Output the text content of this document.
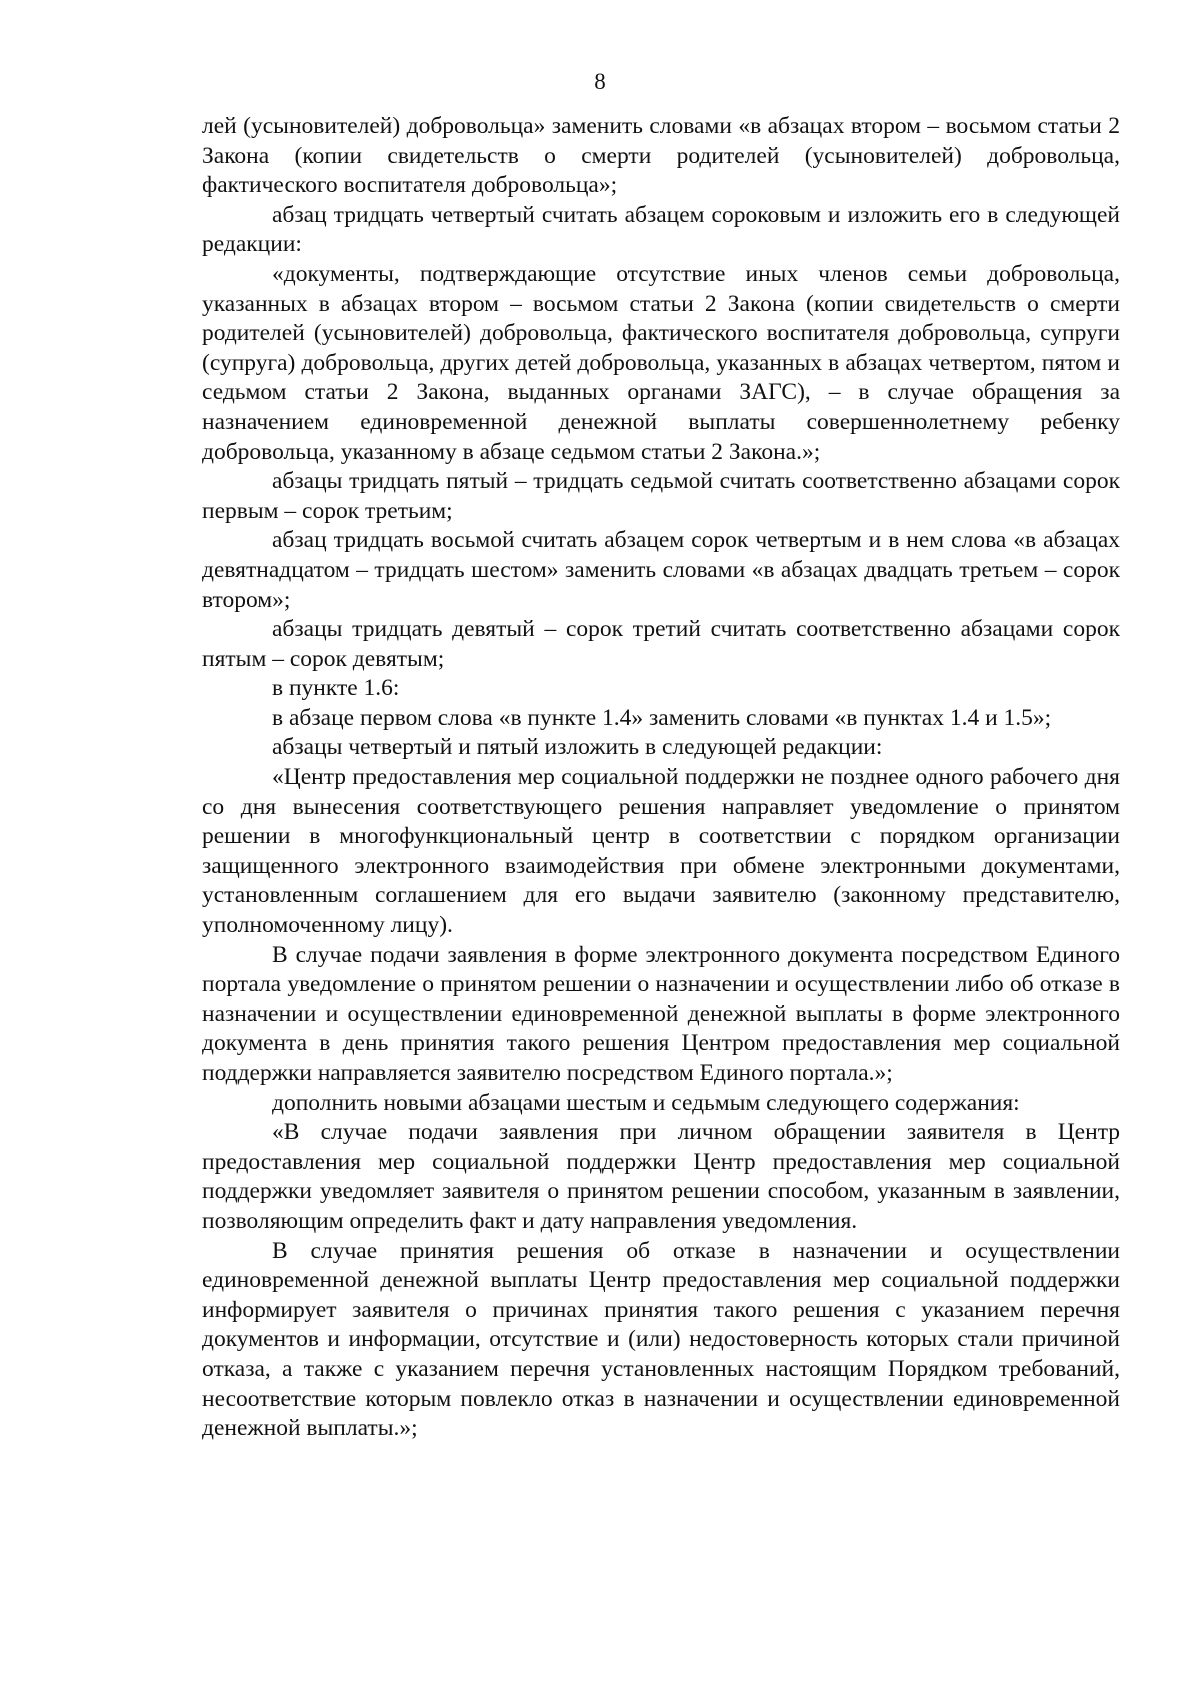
8

лей (усыновителей) добровольца» заменить словами «в абзацах втором – восьмом статьи 2 Закона (копии свидетельств о смерти родителей (усыновителей) добровольца, фактического воспитателя добровольца»;

абзац тридцать четвертый считать абзацем сороковым и изложить его в следующей редакции:

«документы, подтверждающие отсутствие иных членов семьи добровольца, указанных в абзацах втором – восьмом статьи 2 Закона (копии свидетельств о смерти родителей (усыновителей) добровольца, фактического воспитателя добровольца, супруги (супруга) добровольца, других детей добровольца, указанных в абзацах четвертом, пятом и седьмом статьи 2 Закона, выданных органами ЗАГС), – в случае обращения за назначением единовременной денежной выплаты совершеннолетнему ребенку добровольца, указанному в абзаце седьмом статьи 2 Закона.»;

абзацы тридцать пятый – тридцать седьмой считать соответственно абзацами сорок первым – сорок третьим;

абзац тридцать восьмой считать абзацем сорок четвертым и в нем слова «в абзацах девятнадцатом – тридцать шестом» заменить словами «в абзацах двадцать третьем – сорок втором»;

абзацы тридцать девятый – сорок третий считать соответственно абзацами сорок пятым – сорок девятым;

в пункте 1.6:

в абзаце первом слова «в пункте 1.4» заменить словами «в пунктах 1.4 и 1.5»;

абзацы четвертый и пятый изложить в следующей редакции:

«Центр предоставления мер социальной поддержки не позднее одного рабочего дня со дня вынесения соответствующего решения направляет уведомление о принятом решении в многофункциональный центр в соответствии с порядком организации защищенного электронного взаимодействия при обмене электронными документами, установленным соглашением для его выдачи заявителю (законному представителю, уполномоченному лицу).

В случае подачи заявления в форме электронного документа посредством Единого портала уведомление о принятом решении о назначении и осуществлении либо об отказе в назначении и осуществлении единовременной денежной выплаты в форме электронного документа в день принятия такого решения Центром предоставления мер социальной поддержки направляется заявителю посредством Единого портала.»;

дополнить новыми абзацами шестым и седьмым следующего содержания:

«В случае подачи заявления при личном обращении заявителя в Центр предоставления мер социальной поддержки Центр предоставления мер социальной поддержки уведомляет заявителя о принятом решении способом, указанным в заявлении, позволяющим определить факт и дату направления уведомления.

В случае принятия решения об отказе в назначении и осуществлении единовременной денежной выплаты Центр предоставления мер социальной поддержки информирует заявителя о причинах принятия такого решения с указанием перечня документов и информации, отсутствие и (или) недостоверность которых стали причиной отказа, а также с указанием перечня установленных настоящим Порядком требований, несоответствие которым повлекло отказ в назначении и осуществлении единовременной денежной выплаты.»;
